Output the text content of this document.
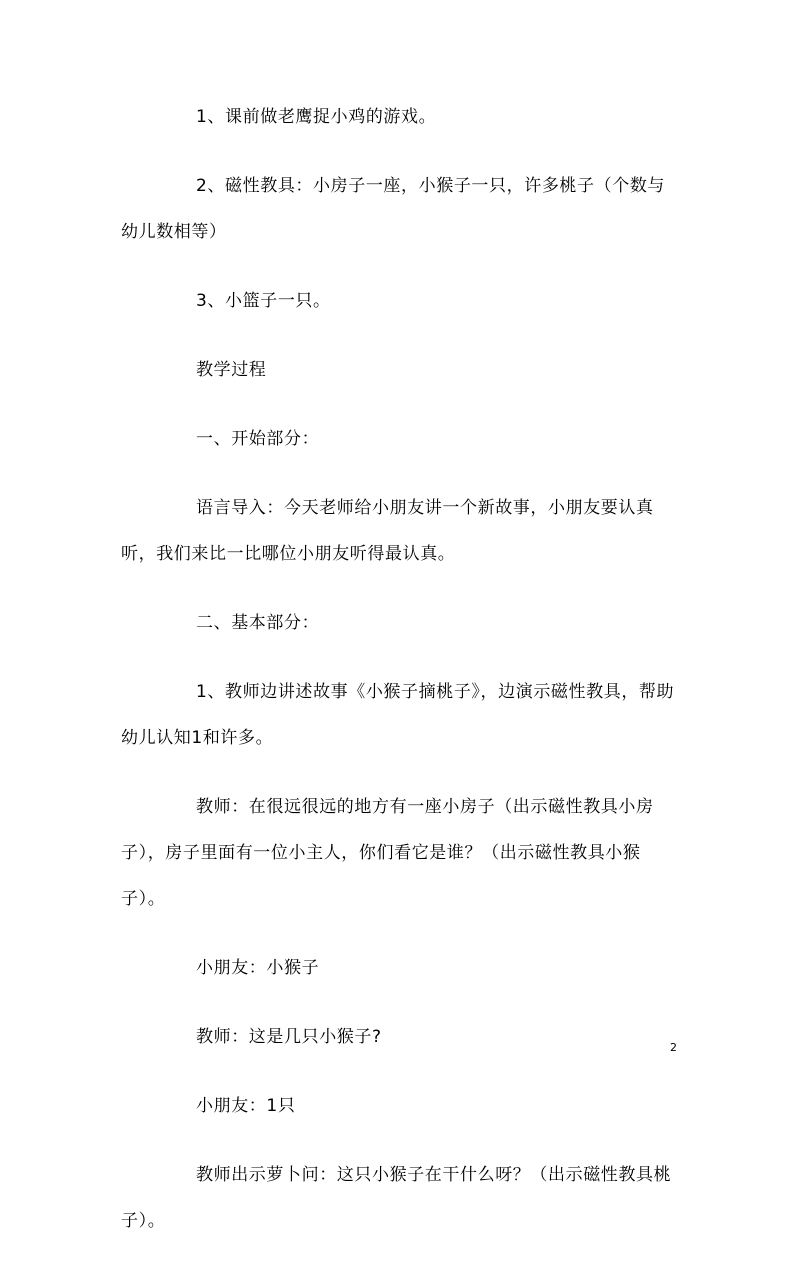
1、课前做老鹰捉小鸡的游戏。

2、磁性教具：小房子一座，小猴子一只，许多桃子（个数与幼儿数相等）

3、小篮子一只。

教学过程

一、开始部分：

语言导入：今天老师给小朋友讲一个新故事，小朋友要认真听，我们来比一比哪位小朋友听得最认真。

二、基本部分：

1、教师边讲述故事《小猴子摘桃子》，边演示磁性教具，帮助幼儿认知1和许多。

教师：在很远很远的地方有一座小房子（出示磁性教具小房子），房子里面有一位小主人，你们看它是谁？（出示磁性教具小猴子）。

小朋友：小猴子

教师：这是几只小猴子?

小朋友：1只

教师出示萝卜问：这只小猴子在干什么呀？（出示磁性教具桃子）。

2
